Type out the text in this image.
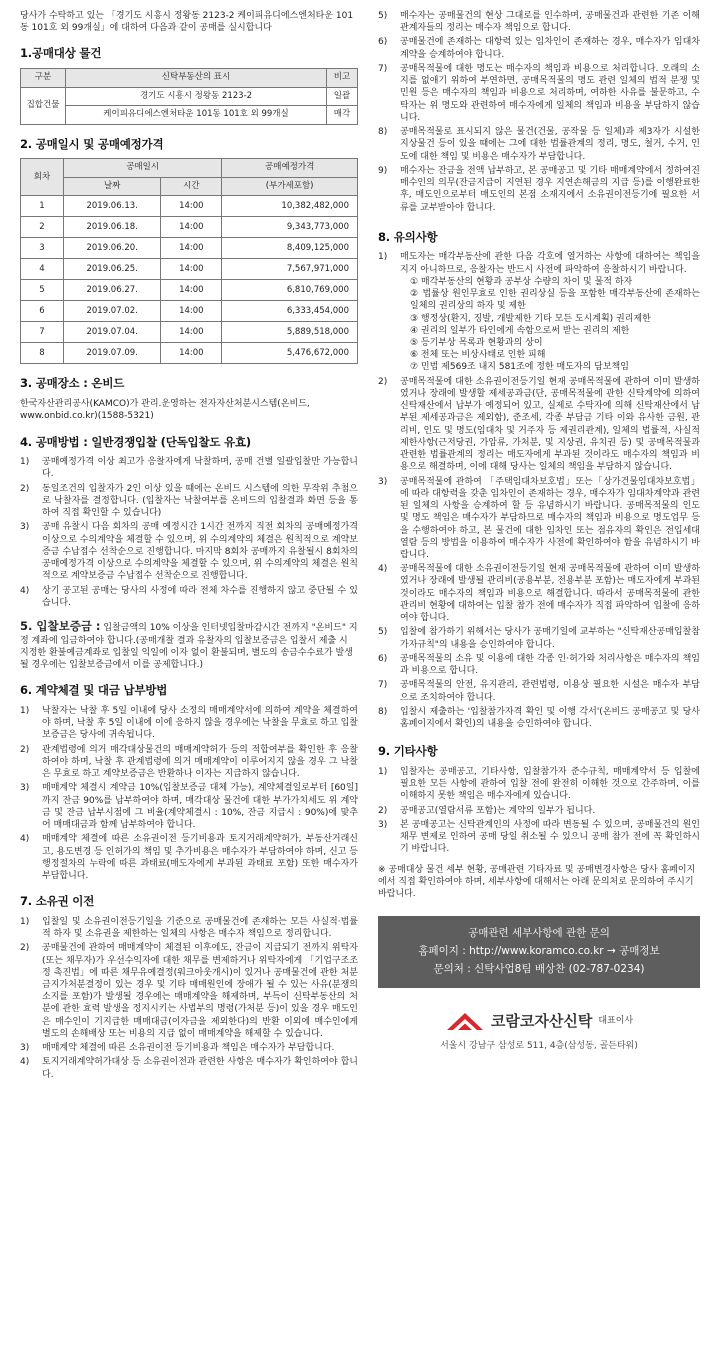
당사가 수탁하고 있는 「경기도 시흥시 정왕동 2123-2 케이피유디에스엔처타운 101동 101호 외 99개실」에 대하여 다음과 같이 공매를 실시합니다

1.공매대상 물건
구분	신탁부동산의 표시	비고
집합건물	경기도 시흥시 정왕동 2123-2	일괄
	케이피유디에스엔처타운 101동 101호 외 99개실	매각
2. 공매일시 및 공매예정가격
회차	공매일시		공매예정가격
	날짜	시간	(부가세포함)
1	2019.06.13.	14:00	10,382,482,000
2	2019.06.18.	14:00	9,343,773,000
3	2019.06.20.	14:00	8,409,125,000
4	2019.06.25.	14:00	7,567,971,000
5	2019.06.27.	14:00	6,810,769,000
6	2019.07.02.	14:00	6,333,454,000
7	2019.07.04.	14:00	5,889,518,000
8	2019.07.09.	14:00	5,476,672,000
3. 공매장소 : 온비드

한국자산관리공사(KAMCO)가 관리.운영하는 전자자산처분시스템(온비드, www.onbid.co.kr)(1588-5321)

4. 공매방법 : 일반경쟁입찰 (단독입찰도 유효)
1) 공매예정가격 이상 최고가 응찰자에게 낙찰하며, 공매 건별 일괄입찰만 가능합니다.
2) 동일조건의 입찰자가 2인 이상 있을 때에는 온비드 시스템에 의한 무작위 추첨으로 낙찰자를 결정합니다. (입찰자는 낙찰여부를 온비드의 입찰결과 화면 등을 통하여 직접 확인할 수 있습니다)
3) 공매 유찰시 다음 회차의 공매 예정시간 1시간 전까지 직전 회차의 공매예정가격 이상으로 수의계약을 체결할 수 있으며, 위 수의계약의 체결은 원칙적으로 계약보증금 수납접수 선착순으로 진행합니다. 마지막 8회차 공매까지 유찰될시 8회차의 공매예정가격 이상으로 수의계약을 체결할 수 있으며, 위 수의계약의 체결은 원칙적으로 계약보증금 수납접수 선착순으로 진행합니다.
4) 상기 공고된 공매는 당사의 사정에 따라 전체 차수를 진행하지 않고 중단될 수 있습니다.

5. 입찰보증금 : 입찰금액의 10% 이상을 인터넷입찰마감시간 전까지 "온비드" 지정 계좌에 입금하여야 합니다.(공매개찰 결과 유찰자의 입찰보증금은 입찰서 제출 시 지정한 환불예금계좌로 입찰일 익일에 이자 없이 환불되며, 별도의 송금수수료가 발생될 경우에는 입찰보증금에서 이를 공제합니다.)

6. 계약체결 및 대금 납부방법
1) 낙찰자는 낙찰 후 5일 이내에 당사 소정의 매매계약서에 의하여 계약을 체결하여야 하며, 낙찰 후 5일 이내에 이에 응하지 않을 경우에는 낙찰을 무효로 하고 입찰보증금은 당사에 귀속됩니다.
2) 관계법령에 의거 매각대상물건의 매매계약허가 등의 적합여부를 확인한 후 응찰하여야 하며, 낙찰 후 관계법령에 의거 매매계약이 이루어지지 않을 경우 그 낙찰은 무효로 하고 계약보증금은 반환하나 이자는 지급하지 않습니다.
3) 매매계약 체결시 계약금 10%(입찰보증금 대체 가능), 계약체결일로부터 [60일]까지 잔금 90%를 납부하여야 하며, 매각대상 물건에 대한 부가가치세도 위 계약금 및 잔금 납부시점에 그 비율(계약체결시 : 10%, 잔금 지급시 : 90%)에 맞추어 매매대금과 함께 납부하여야 합니다.
4) 매매계약 체결에 따른 소유권이전 등기비용과 토지거래계약허가, 부동산거래신고, 용도변경 등 인허가의 책임 및 추가비용은 매수자가 부담하여야 하며, 신고 등 행정절차의 누락에 따른 과태료(매도자에게 부과된 과태료 포함) 또한 매수자가 부담합니다.
7. 소유권 이전
1) 입찰일 및 소유권이전등기일을 기준으로 공매물건에 존재하는 모든 사실적·법률적 하자 및 소유권을 제한하는 일체의 사항은 매수자 책임으로 정리합니다.
2) 공매물건에 관하여 매매계약이 체결된 이후에도, 잔금이 지급되기 전까지 위탁자(또는 채무자)가 우선수익자에 대한 채무를 변제하거나 위탁자에게 「기업구조조정 촉진법」에 따른 채무유예결정(워크아웃개시)이 있거나 공매물건에 관한 처분금지가처분결정이 있는 경우 및 기타 매매원인에 장애가 될 수 있는 사유(분쟁의 소지를 포함)가 발생될 경우에는 매매계약을 해제하며, 부득이 신탁부동산의 처분에 관한 효력 발생을 정지시키는 사법부의 명령(가처분 등)이 있을 경우 매도인은 매수인이 기지급한 매매대금(이자금을 제외한다)의 반환 이외에 매수인에게 별도의 손해배상 또는 비용의 지급 없이 매매계약을 해제할 수 있습니다.
3) 매매계약 체결에 따른 소유권이전 등기비용과 책임은 매수자가 부담합니다.
4) 토지거래계약허가대상 등 소유권이전과 관련한 사항은 매수자가 확인하여야 합니다.
5) 매수자는 공매물건의 현상 그대로를 인수하며, 공매물건과 관련한 기존 이해관계자들의 정리는 매수자 책임으로 합니다.
6) 공매물건에 존재하는 대항력 있는 임차인이 존재하는 경우, 매수자가 임대차계약을 승계하여야 합니다.
7) 공매목적물에 대한 명도는 매수자의 책임과 비용으로 처리합니다. 오래의 소지를 없애기 위하여 부연하면, 공매목적물의 명도 관련 일체의 법적 분쟁 및 민원 등은 매수자의 책임과 비용으로 처리하며, 여하한 사유를 불문하고, 수탁자는 위 명도와 관련하여 매수자에게 일체의 책임과 비용을 부담하지 않습니다.
8) 공매목적물로 표시되지 않은 물건(건물, 공작물 등 일체)과 제3자가 시설한 지상물건 등이 있을 때에는 그에 대한 법률관계의 정리, 명도, 철거, 수거, 인도에 대한 책임 및 비용은 매수자가 부담합니다.
9) 매수자는 잔금을 전액 납부하고, 본 공매공고 및 기타 매매계약에서 정하여진 매수인의 의무(잔금지급이 지연된 경우 지연손해금의 지급 등)를 이행완료한 후, 매도인으로부터 매도인의 본점 소재지에서 소유권이전등기에 필요한 서류를 교부받아야 합니다.
8. 유의사항
1) 매도자는 매각부동산에 관한 다음 각호에 열거하는 사항에 대하여는 책임을 지지 아니하므로, 응찰자는 반드시 사전에 파악하여 응찰하시기 바랍니다.
① 매각부동산의 현황과 공부상 수량의 차이 및 물적 하자
② 법률상 원인무효로 인한 권리상실 등을 포함한 매각부동산에 존재하는 일체의 권리상의 하자 및 제한
③ 행정상(환지, 징발, 개발제한 기타 모든 도시계획) 권리제한
④ 권리의 일부가 타인에게 속함으로써 받는 권리의 제한
⑤ 등기부상 목록과 현황과의 상이
⑥ 전체 또는 비상사태로 인한 피해
⑦ 민법 제569조 내지 581조에 정한 매도자의 담보책임
2) 공매목적물에 대한 소유권이전등기일 현재 공매목적물에 관하여 이미 발생하였거나 장래에 발생할 제세공과금(단, 공매목적물에 관한 신탁계약에 의하여 신탁재산에서 납부가 예정되어 있고, 실제로 수탁자에 의해 신탁재산에서 납부된 제세공과금은 제외함), 준조세, 각종 부담금 기타 이와 유사한 금원, 관리비, 인도 및 명도(임대차 및 거주자 등 제권리관계), 일체의 법률적, 사실적 제한사항(근저당권, 가압류, 가처분, 및 지상권, 유치권 등) 및 공매목적물과 관련한 법률관계의 정리는 매도자에게 부과된 것이라도 매수자의 책임과 비용으로 해결하며, 이에 대해 당사는 일체의 책임을 부담하지 않습니다.
3) 공매목적물에 관하여 「주택임대차보호법」또는「상가건물임대차보호법」에 따라 대항력을 갖춘 임차인이 존재하는 경우, 매수자가 임대차계약과 관련된 일체의 사항을 승계하여 할 등 유념하시기 바랍니다. 공매목적물의 인도 및 명도 책임은 매수자가 부담하므로 매수자의 책임과 비용으로 명도업무 등을 수행하여야 하고, 본 물건에 대한 임차인 또는 점유자의 확인은 전입세대 열람 등의 방법을 이용하여 매수자가 사전에 확인하여야 함을 유념하시기 바랍니다.
4) 공매목적물에 대한 소유권이전등기일 현재 공매목적물에 관하여 이미 발생하였거나 장래에 발생될 관리비(공용부분, 전용부분 포함)는 매도자에게 부과된 것이라도 매수자의 책임과 비용으로 해결합니다. 따라서 공매목적물에 관한 관리비 현황에 대하여는 입찰 참가 전에 매수자가 직접 파악하여 입찰에 응하여야 합니다.
5) 입찰에 참가하기 위해서는 당사가 공매기일에 교부하는 "신탁재산공매입찰참가자규칙"의 내용을 승인하여야 합니다.
6) 공매목적물의 소유 및 이용에 대한 각종 인·허가와 처리사항은 매수자의 책임과 비용으로 합니다.
7) 공매목적물의 안전, 유지관리, 관련법령, 이용상 필요한 시설은 매수자 부담으로 조치하여야 합니다.
8) 입찰시 제출하는 '입찰참가자격 확인 및 이행 각서'(온비드 공매공고 및 당사 홈페이지에서 확인)의 내용을 승인하여야 합니다.
9. 기타사항
1) 입찰자는 공매공고, 기타사항, 입찰참가자 준수규칙, 매매계약서 등 입찰에 필요한 모든 사항에 관하여 입찰 전에 완전히 이해한 것으로 간주하며, 이를 이해하지 못한 책임은 매수자에게 있습니다.
2) 공매공고(열람서류 포함)는 계약의 일부가 됩니다.
3) 본 공매공고는 신탁관계인의 사정에 따라 변동될 수 있으며, 공매물건의 원인채무 변제로 인하여 공매 당일 취소될 수 있으니 공매 참가 전에 꼭 확인하시기 바랍니다.

※ 공매대상 물건 세부 현황, 공매관련 기타자료 및 공매변경사항은 당사 홈페이지에서 직접 확인하여야 하며, 세부사항에 대해서는 아래 문의처로 문의하여 주시기 바랍니다.

공매관련 세부사항에 관한 문의
홈페이지 : http://www.koramco.co.kr → 공매정보
문의처 : 신탁사업8팀 배상찬 (02-787-0234)
코람코자산신탁 대표이사
서울시 강남구 삼성로 511, 4층(삼성동, 골든타워)
